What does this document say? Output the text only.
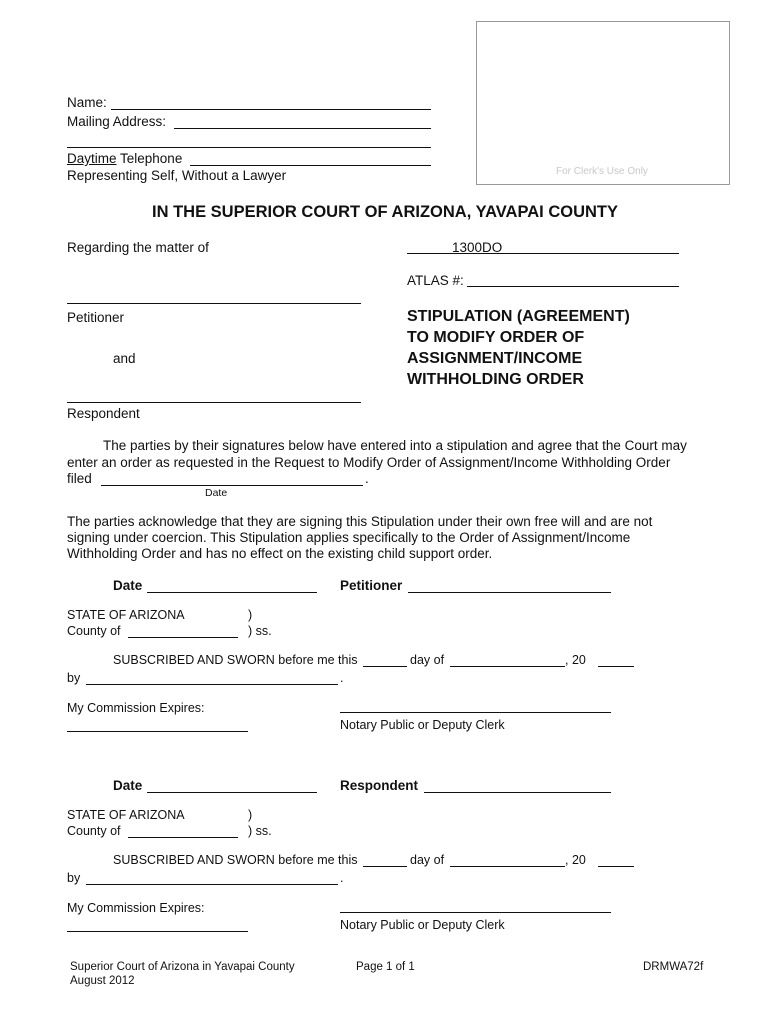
Name:
Mailing Address:
Daytime Telephone
Representing Self, Without a Lawyer	For Clerk's Use Only
IN THE SUPERIOR COURT OF ARIZONA, YAVAPAI COUNTY
Regarding the matter of	1300DO
ATLAS #:
Petitioner
and
Respondent
STIPULATION (AGREEMENT)
TO MODIFY ORDER OF
ASSIGNMENT/INCOME
WITHHOLDING ORDER
The parties by their signatures below have entered into a stipulation and agree that the Court may
enter an order as requested in the Request to Modify Order of Assignment/Income Withholding Order
filed	.
Date
The parties acknowledge that they are signing this Stipulation under their own free will and are not
signing under coercion. This Stipulation applies specifically to the Order of Assignment/Income
Withholding Order and has no effect on the existing child support order.
Date	Petitioner
STATE OF ARIZONA	)
County of	) ss.
SUBSCRIBED AND SWORN before me this	day of	, 20
by	.
My Commission Expires:
Notary Public or Deputy Clerk
Date	Respondent
STATE OF ARIZONA	)
County of	) ss.
SUBSCRIBED AND SWORN before me this	day of	, 20
by	.
My Commission Expires:
Notary Public or Deputy Clerk
Superior Court of Arizona in Yavapai County
August 2012
Page 1 of 1	DRMWA72f
